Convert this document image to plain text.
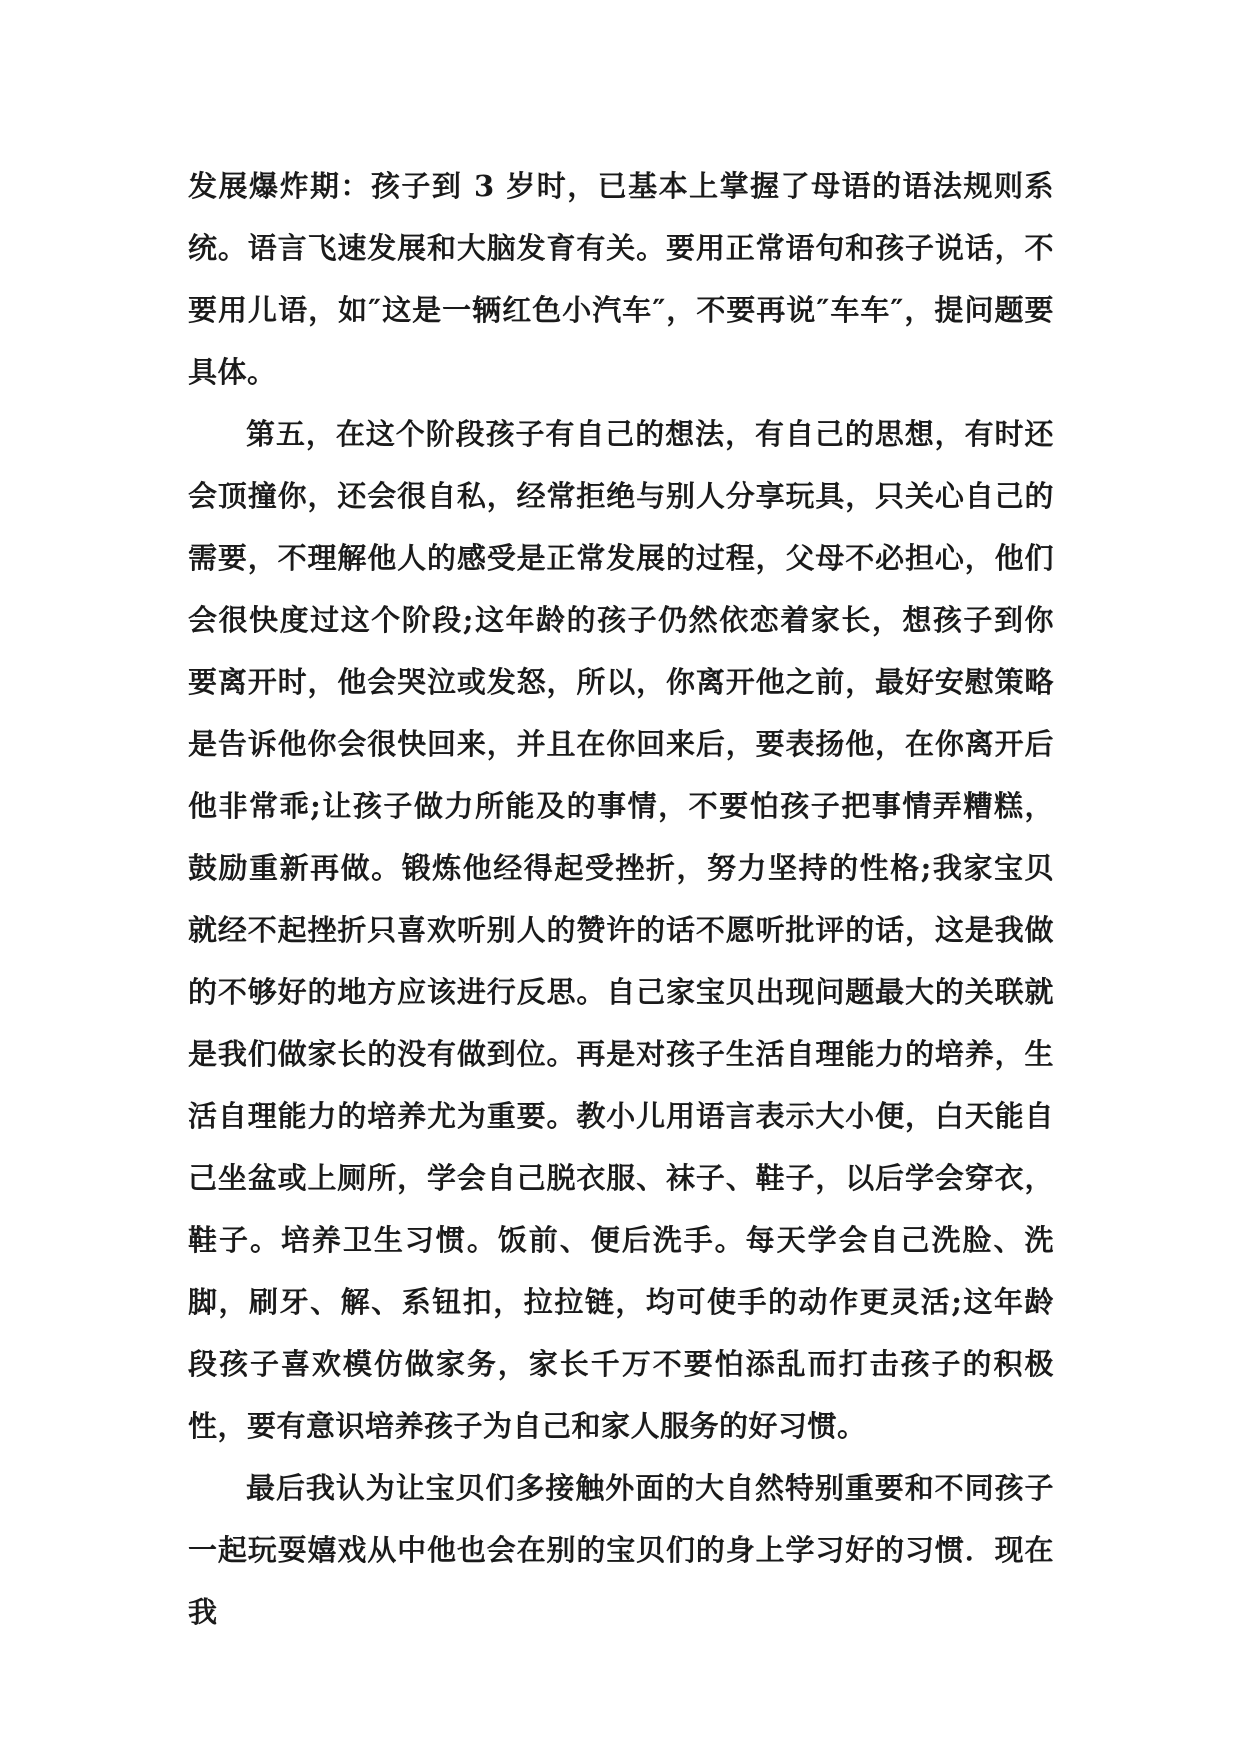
发展爆炸期：孩子到 3 岁时，已基本上掌握了母语的语法规则系统。语言飞速发展和大脑发育有关。要用正常语句和孩子说话，不要用儿语，如″这是一辆红色小汽车″，不要再说″车车″，提问题要具体。

第五，在这个阶段孩子有自己的想法，有自己的思想，有时还会顶撞你，还会很自私，经常拒绝与别人分享玩具，只关心自己的需要，不理解他人的感受是正常发展的过程，父母不必担心，他们会很快度过这个阶段;这年龄的孩子仍然依恋着家长，想孩子到你要离开时，他会哭泣或发怒，所以，你离开他之前，最好安慰策略是告诉他你会很快回来，并且在你回来后，要表扬他，在你离开后他非常乖;让孩子做力所能及的事情，不要怕孩子把事情弄糟糕，鼓励重新再做。锻炼他经得起受挫折，努力坚持的性格;我家宝贝就经不起挫折只喜欢听别人的赞许的话不愿听批评的话，这是我做的不够好的地方应该进行反思。自己家宝贝出现问题最大的关联就是我们做家长的没有做到位。再是对孩子生活自理能力的培养，生活自理能力的培养尤为重要。教小儿用语言表示大小便，白天能自己坐盆或上厕所，学会自己脱衣服、袜子、鞋子，以后学会穿衣，鞋子。培养卫生习惯。饭前、便后洗手。每天学会自己洗脸、洗脚，刷牙、解、系钮扣，拉拉链，均可使手的动作更灵活;这年龄段孩子喜欢模仿做家务，家长千万不要怕添乱而打击孩子的积极性，要有意识培养孩子为自己和家人服务的好习惯。

最后我认为让宝贝们多接触外面的大自然特别重要和不同孩子一起玩耍嬉戏从中他也会在别的宝贝们的身上学习好的习惯．现在我
